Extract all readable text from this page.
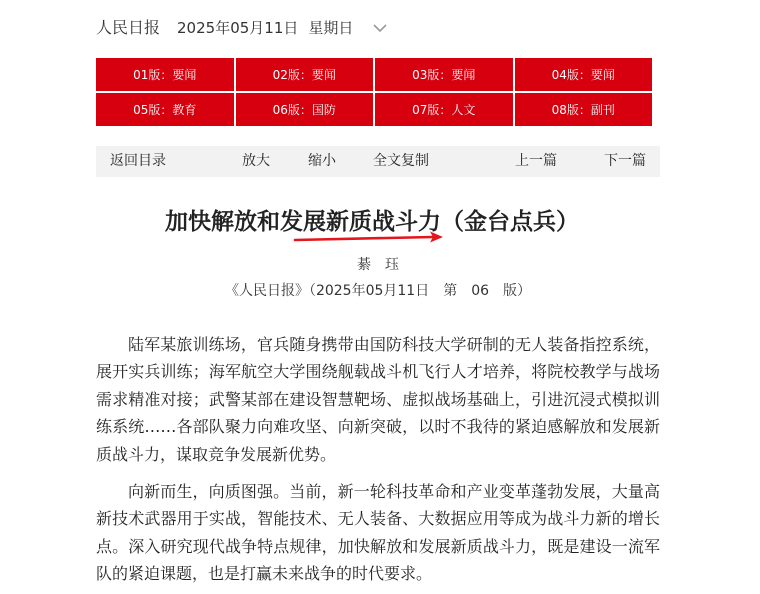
人民日报 2025年05月11日 星期日
01版：要闻	02版：要闻	03版：要闻	04版：要闻
05版：教育	06版：国防	07版：人文	08版：副刊
返回目录	放大	缩小	全文复制	上一篇	下一篇
加快解放和发展新质战斗力（金台点兵）
綦　珏
《人民日报》（2025年05月11日　第　06　版）

陆军某旅训练场，官兵随身携带由国防科技大学研制的无人装备指控系统，展开实兵训练；海军航空大学围绕舰载战斗机飞行人才培养，将院校教学与战场需求精准对接；武警某部在建设智慧靶场、虚拟战场基础上，引进沉浸式模拟训练系统……各部队聚力向难攻坚、向新突破，以时不我待的紧迫感解放和发展新质战斗力，谋取竞争发展新优势。

向新而生，向质图强。当前，新一轮科技革命和产业变革蓬勃发展，大量高新技术武器用于实战，智能技术、无人装备、大数据应用等成为战斗力新的增长点。深入研究现代战争特点规律，加快解放和发展新质战斗力，既是建设一流军队的紧迫课题，也是打赢未来战争的时代要求。
